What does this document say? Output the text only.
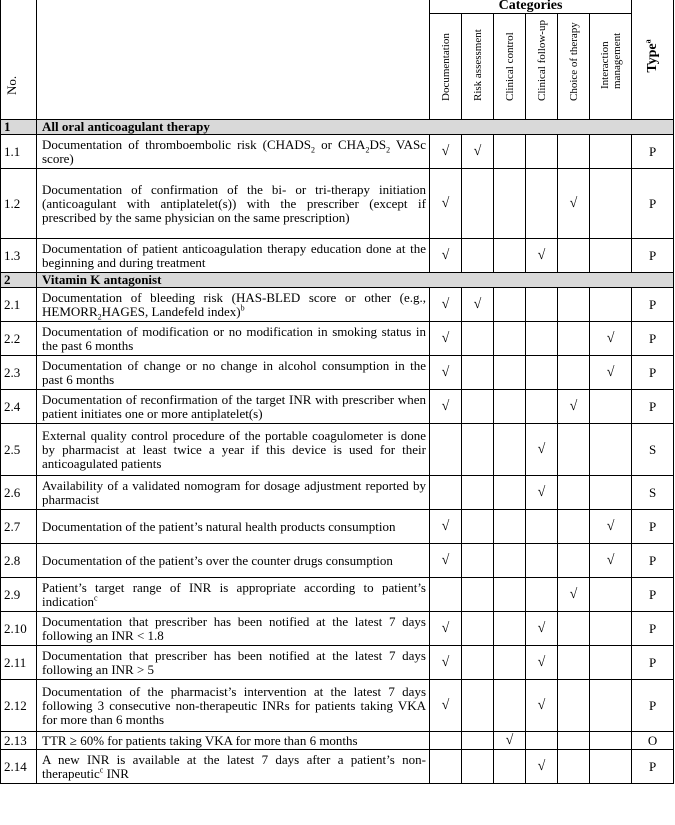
No.		Categories						Type$^a$

		Documentation	Risk assessment	Clinical control	Clinical follow-up	Choice of therapy	Interaction management	

1	All oral anticoagulant therapy							
1.1	Documentation of thromboembolic risk ($CHADS_2$ or $CHA_2DS_2$ VASc score)	√	√					P
1.2	Documentation of confirmation of the bi- or tri-therapy initiation (anticoagulant with antiplatelet(s)) with the prescriber (except if prescribed by the same physician on the same prescription)	√				√		P
1.3	Documentation of patient anticoagulation therapy education done at the beginning and during treatment	√			√			P
2	Vitamin K antagonist							
2.1	Documentation of bleeding risk (HAS-BLED score or other (e.g., $HEMORR_2HAGES$, Landefeld index)$^b$	√	√					P
2.2	Documentation of modification or no modification in smoking status in the past 6 months	√					√	P
2.3	Documentation of change or no change in alcohol consumption in the past 6 months	√					√	P
2.4	Documentation of reconfirmation of the target INR with prescriber when patient initiates one or more antiplatelet(s)	√				√		P
2.5	External quality control procedure of the portable coagulometer is done by pharmacist at least twice a year if this device is used for their anticoagulated patients				√			S
2.6	Availability of a validated nomogram for dosage adjustment reported by pharmacist				√			S
2.7	Documentation of the patient’s natural health products consumption	√					√	P
2.8	Documentation of the patient’s over the counter drugs consumption	√					√	P
2.9	Patient’s target range of INR is appropriate according to patient’s indication$^c$					√		P
2.10	Documentation that prescriber has been notified at the latest 7 days following an INR < 1.8	√			√			P
2.11	Documentation that prescriber has been notified at the latest 7 days following an INR > 5	√			√			P
2.12	Documentation of the pharmacist’s intervention at the latest 7 days following 3 consecutive non-therapeutic INRs for patients taking VKA for more than 6 months	√			√			P
2.13	TTR ≥ 60% for patients taking VKA for more than 6 months			√				O
2.14	A new INR is available at the latest 7 days after a patient’s non-therapeutic$^c$ INR				√			P
